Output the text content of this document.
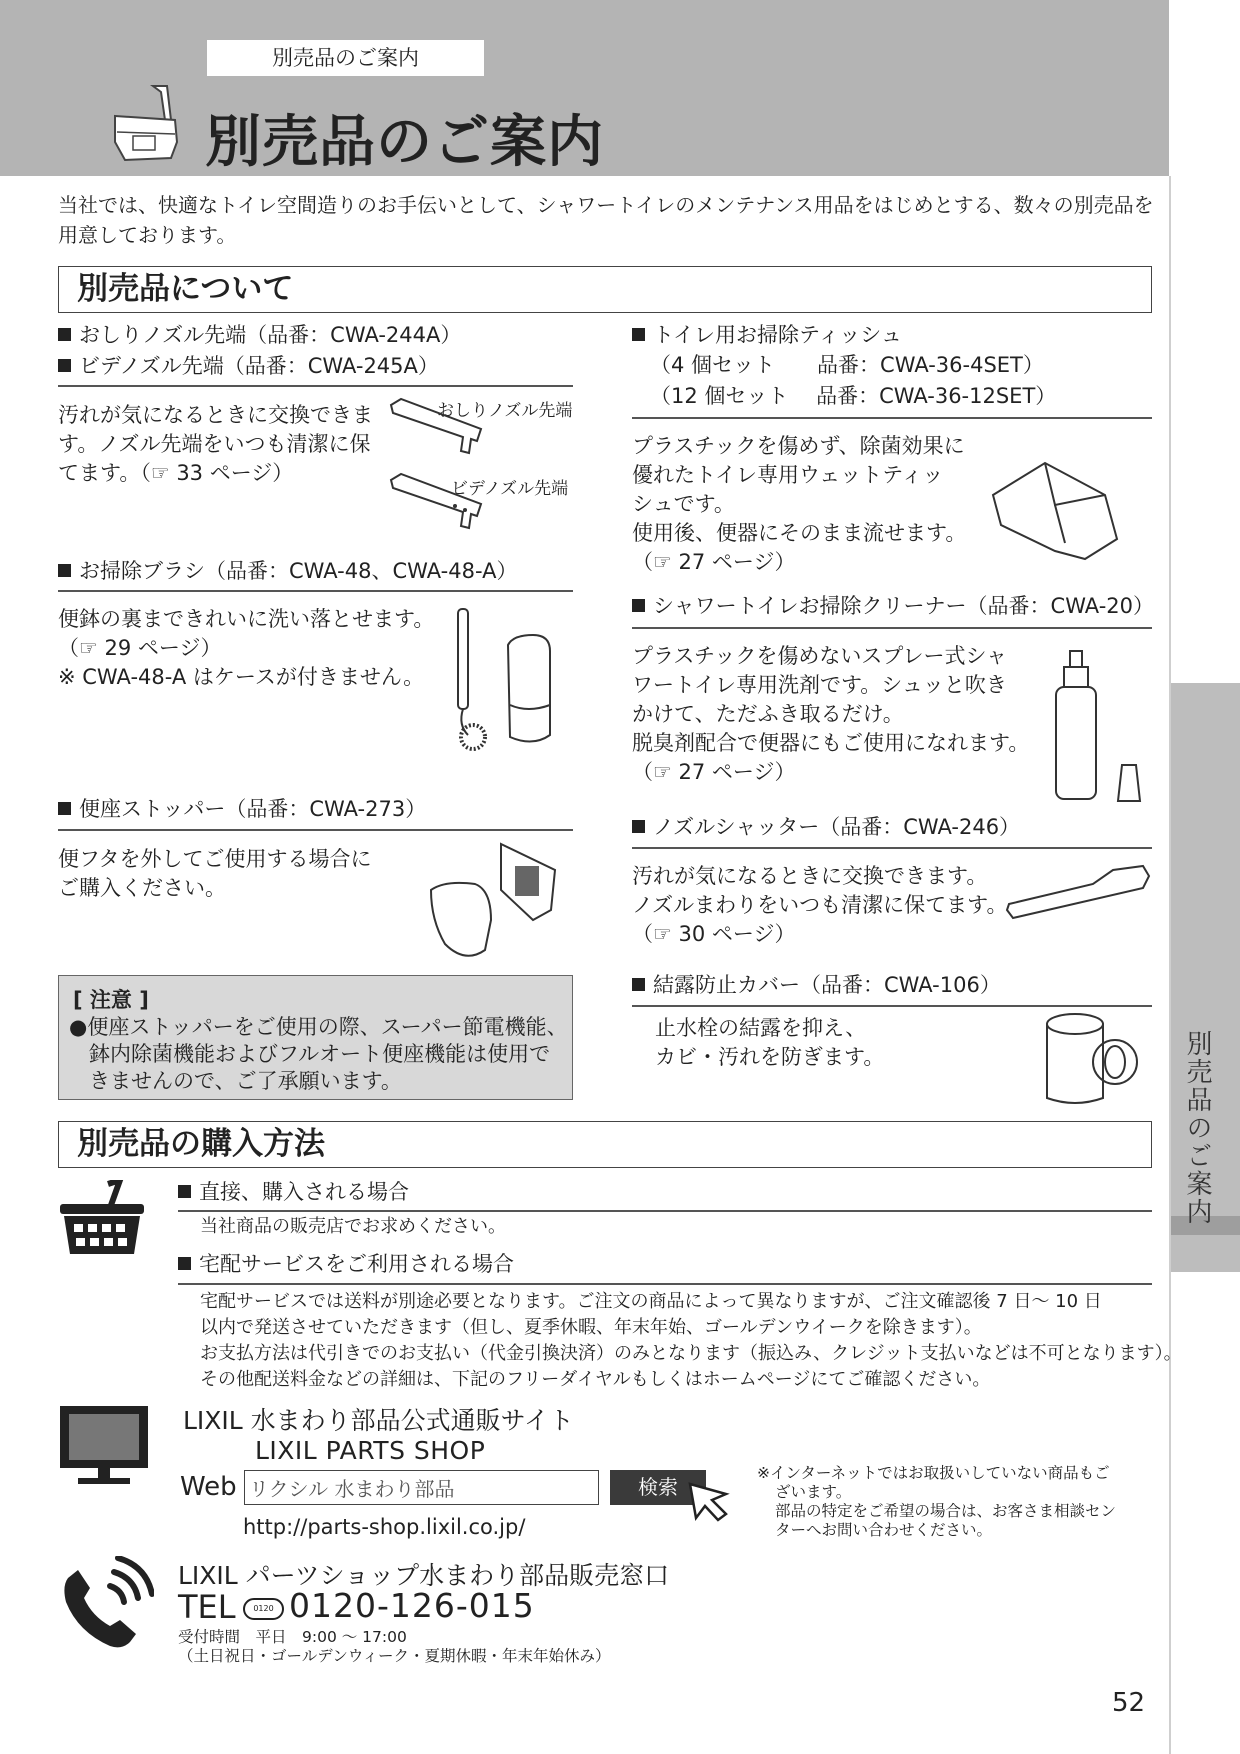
別売品のご案内
別売品のご案内
別売品のご案内
当社では、快適なトイレ空間造りのお手伝いとして、シャワートイレのメンテナンス用品をはじめとする、数々の別売品を用意しております。
別売品について
おしりノズル先端（品番：CWA-244A）
ビデノズル先端（品番：CWA-245A）
汚れが気になるときに交換できま
す。ノズル先端をいつも清潔に保
てます。（☞ 33 ページ）
おしりノズル先端
ビデノズル先端
お掃除ブラシ（品番：CWA-48、CWA-48-A）
便鉢の裏まできれいに洗い落とせます。
（☞ 29 ページ）
※ CWA-48-A はケースが付きません。
便座ストッパー（品番：CWA-273）
便フタを外してご使用する場合に
ご購入ください。
[ 注意 ]
●便座ストッパーをご使用の際、スーパー節電機能、
鉢内除菌機能およびフルオート便座機能は使用で
きませんので、ご了承願います。
トイレ用お掃除ティッシュ
（4 個セット　　品番：CWA-36-4SET）
（12 個セット　 品番：CWA-36-12SET）
プラスチックを傷めず、除菌効果に
優れたトイレ専用ウェットティッ
シュです。
使用後、便器にそのまま流せます。
（☞ 27 ページ）
シャワートイレお掃除クリーナー（品番：CWA-20）
プラスチックを傷めないスプレー式シャ
ワートイレ専用洗剤です。シュッと吹き
かけて、ただふき取るだけ。
脱臭剤配合で便器にもご使用になれます。
（☞ 27 ページ）
ノズルシャッター（品番：CWA-246）
汚れが気になるときに交換できます。
ノズルまわりをいつも清潔に保てます。
（☞ 30 ページ）
結露防止カバー（品番：CWA-106）
止水栓の結露を抑え、
カビ・汚れを防ぎます。
別売品の購入方法
直接、購入される場合
当社商品の販売店でお求めください。
宅配サービスをご利用される場合
宅配サービスでは送料が別途必要となります。ご注文の商品によって異なりますが、ご注文確認後 7 日～ 10 日
以内で発送させていただきます（但し、夏季休暇、年末年始、ゴールデンウイークを除きます）。
お支払方法は代引きでのお支払い（代金引換決済）のみとなります（振込み、クレジット支払いなどは不可となります）。
その他配送料金などの詳細は、下記のフリーダイヤルもしくはホームページにてご確認ください。
LIXIL 水まわり部品公式通販サイト
LIXIL PARTS SHOP
Web
リクシル 水まわり部品	検索
http://parts-shop.lixil.co.jp/
※インターネットではお取扱いしていない商品もご
ざいます。
部品の特定をご希望の場合は、お客さま相談セン
ターへお問い合わせください。
LIXIL パーツショップ水まわり部品販売窓口
TEL	0120 0120-126-015
受付時間　平日　9:00 ～ 17:00
（土日祝日・ゴールデンウィーク・夏期休暇・年末年始休み）
52
